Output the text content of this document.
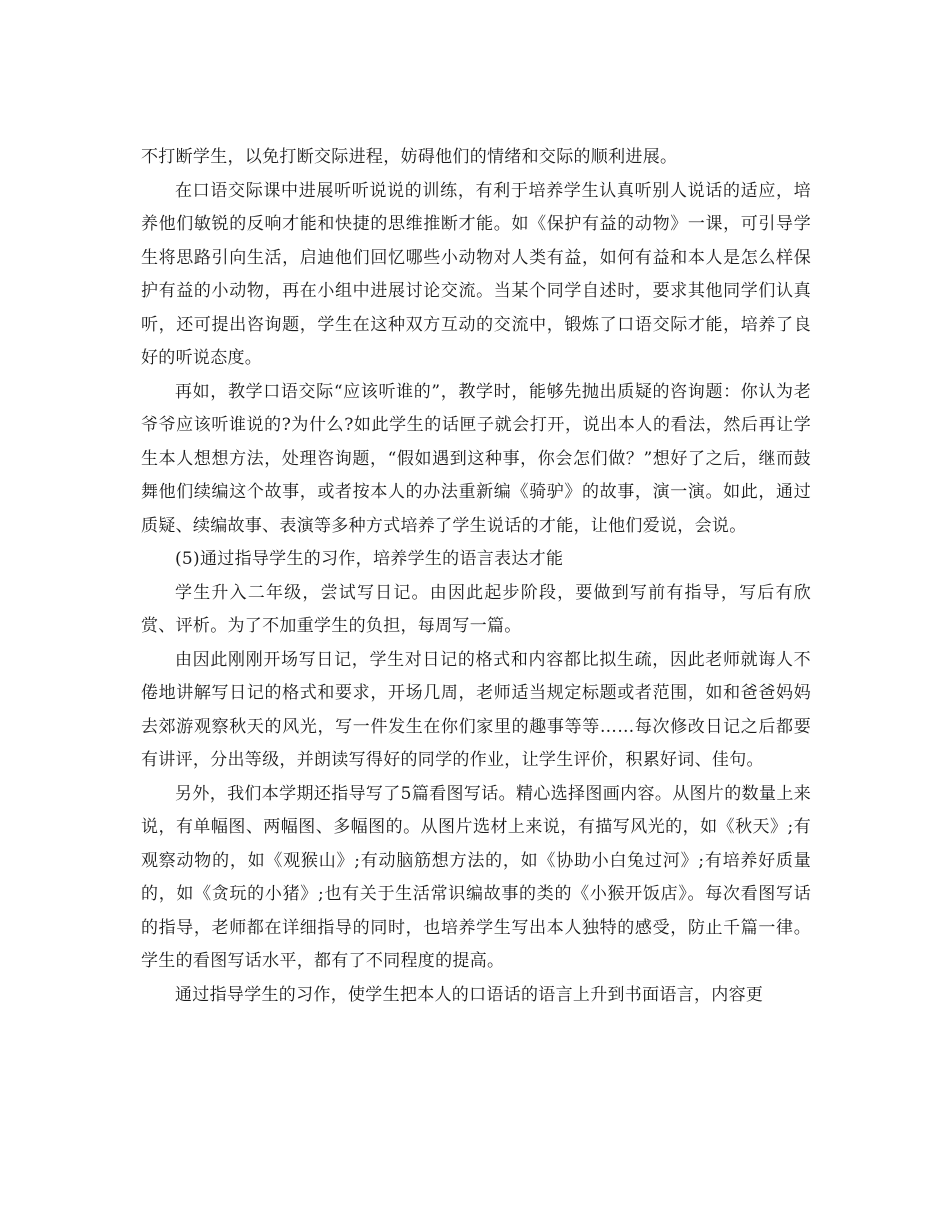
不打断学生，以免打断交际进程，妨碍他们的情绪和交际的顺利进展。

在口语交际课中进展听听说说的训练，有利于培养学生认真听别人说话的适应，培养他们敏锐的反响才能和快捷的思维推断才能。如《保护有益的动物》一课，可引导学生将思路引向生活，启迪他们回忆哪些小动物对人类有益，如何有益和本人是怎么样保护有益的小动物，再在小组中进展讨论交流。当某个同学自述时，要求其他同学们认真听，还可提出咨询题，学生在这种双方互动的交流中，锻炼了口语交际才能，培养了良好的听说态度。

再如，教学口语交际“应该听谁的”，教学时，能够先抛出质疑的咨询题：你认为老爷爷应该听谁说的?为什么?如此学生的话匣子就会打开，说出本人的看法，然后再让学生本人想想方法，处理咨询题，“假如遇到这种事，你会怎们做？”想好了之后，继而鼓舞他们续编这个故事，或者按本人的办法重新编《骑驴》的故事，演一演。如此，通过质疑、续编故事、表演等多种方式培养了学生说话的才能，让他们爱说，会说。

(5)通过指导学生的习作，培养学生的语言表达才能

学生升入二年级，尝试写日记。由因此起步阶段，要做到写前有指导，写后有欣赏、评析。为了不加重学生的负担，每周写一篇。

由因此刚刚开场写日记，学生对日记的格式和内容都比拟生疏，因此老师就诲人不倦地讲解写日记的格式和要求，开场几周，老师适当规定标题或者范围，如和爸爸妈妈去郊游观察秋天的风光，写一件发生在你们家里的趣事等等……每次修改日记之后都要有讲评，分出等级，并朗读写得好的同学的作业，让学生评价，积累好词、佳句。

另外，我们本学期还指导写了5篇看图写话。精心选择图画内容。从图片的数量上来说，有单幅图、两幅图、多幅图的。从图片选材上来说，有描写风光的，如《秋天》;有观察动物的，如《观猴山》;有动脑筋想方法的，如《协助小白兔过河》;有培养好质量的，如《贪玩的小猪》;也有关于生活常识编故事的类的《小猴开饭店》。每次看图写话的指导，老师都在详细指导的同时，也培养学生写出本人独特的感受，防止千篇一律。学生的看图写话水平，都有了不同程度的提高。

通过指导学生的习作，使学生把本人的口语话的语言上升到书面语言，内容更
